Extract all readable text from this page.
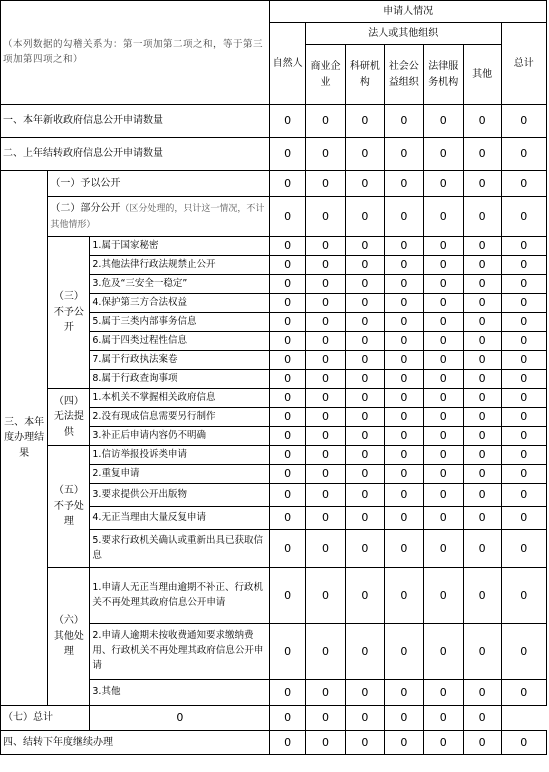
（本列数据的勾稽关系为：第一项加第二项之和，等于第三项加第四项之和）			申请人情况						
			自然人	法人或其他组织					总计
				商业企业	科研机构	社会公益组织	法律服务机构	其他	
一、本年新收政府信息公开申请数量			0	0	0	0	0	0	0
二、上年结转政府信息公开申请数量			0	0	0	0	0	0	0
三、本年度办理结果	（一）予以公开		0	0	0	0	0	0	0
	（二）部分公开（区分处理的，只计这一情况，不计其他情形）		0	0	0	0	0	0	0
	（三）不予公开	1.属于国家秘密	0	0	0	0	0	0	0
		2.其他法律行政法规禁止公开	0	0	0	0	0	0	0
		3.危及“三安全一稳定”	0	0	0	0	0	0	0
		4.保护第三方合法权益	0	0	0	0	0	0	0
		5.属于三类内部事务信息	0	0	0	0	0	0	0
		6.属于四类过程性信息	0	0	0	0	0	0	0
		7.属于行政执法案卷	0	0	0	0	0	0	0
		8.属于行政查询事项	0	0	0	0	0	0	0
	（四）无法提供	1.本机关不掌握相关政府信息	0	0	0	0	0	0	0
		2.没有现成信息需要另行制作	0	0	0	0	0	0	0
		3.补正后申请内容仍不明确	0	0	0	0	0	0	0
	（五）不予处理	1.信访举报投诉类申请	0	0	0	0	0	0	0
		2.重复申请	0	0	0	0	0	0	0
		3.要求提供公开出版物	0	0	0	0	0	0	0
		4.无正当理由大量反复申请	0	0	0	0	0	0	0
		5.要求行政机关确认或重新出具已获取信息	0	0	0	0	0	0	0
	（六）其他处理	1.申请人无正当理由逾期不补正、行政机关不再处理其政府信息公开申请	0	0	0	0	0	0	0
		2.申请人逾期未按收费通知要求缴纳费用、行政机关不再处理其政府信息公开申请	0	0	0	0	0	0	0
		3.其他	0	0	0	0	0	0	0
（七）总计		0	0	0	0	0	0	0	
四、结转下年度继续办理			0	0	0	0	0	0	0
